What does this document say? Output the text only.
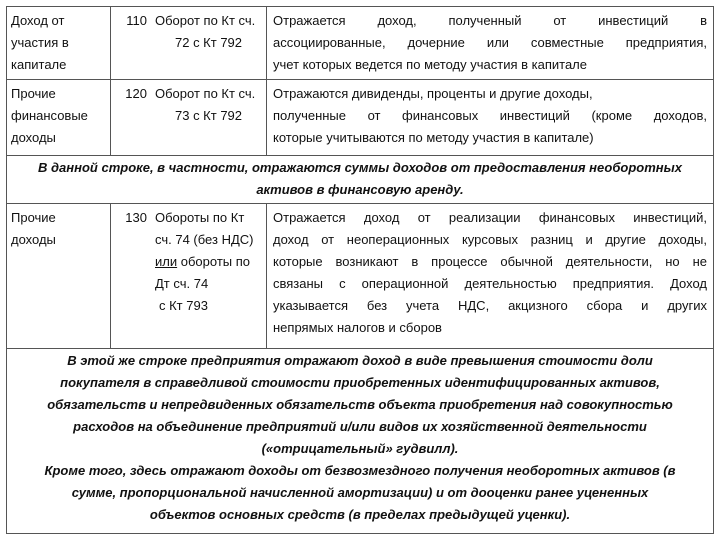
Доход от
участия в
капитале
110 Оборот по Кт сч.
72 с Кт 792
Отражается доход, полученный от инвестиций в
ассоциированные, дочерние или совместные предприятия,
учет которых ведется по методу участия в капитале
Прочие
финансовые
доходы
120 Оборот по Кт сч.
73 с Кт 792
Отражаются дивиденды, проценты и другие доходы,
полученные от финансовых инвестиций (кроме доходов,
которые учитываются по методу участия в капитале)
В данной строке, в частности, отражаются суммы доходов от предоставления необоротных
активов в финансовую аренду.
Прочие
доходы
130 Обороты по Кт
сч. 74 (без НДС)
или обороты по
Дт сч. 74
с Кт 793
Отражается доход от реализации финансовых инвестиций,
доход от неоперационных курсовых разниц и другие доходы,
которые возникают в процессе обычной деятельности, но не
связаны с операционной деятельностью предприятия. Доход
указывается без учета НДС, акцизного сбора и других
непрямых налогов и сборов
В этой же строке предприятия отражают доход в виде превышения стоимости доли
покупателя в справедливой стоимости приобретенных идентифицированных активов,
обязательств и непредвиденных обязательств объекта приобретения над совокупностью
расходов на объединение предприятий и/или видов их хозяйственной деятельности
(«отрицательный» гудвилл).
Кроме того, здесь отражают доходы от безвозмездного получения необоротных активов (в
сумме, пропорциональной начисленной амортизации) и от дооценки ранее уцененных
объектов основных средств (в пределах предыдущей уценки).
